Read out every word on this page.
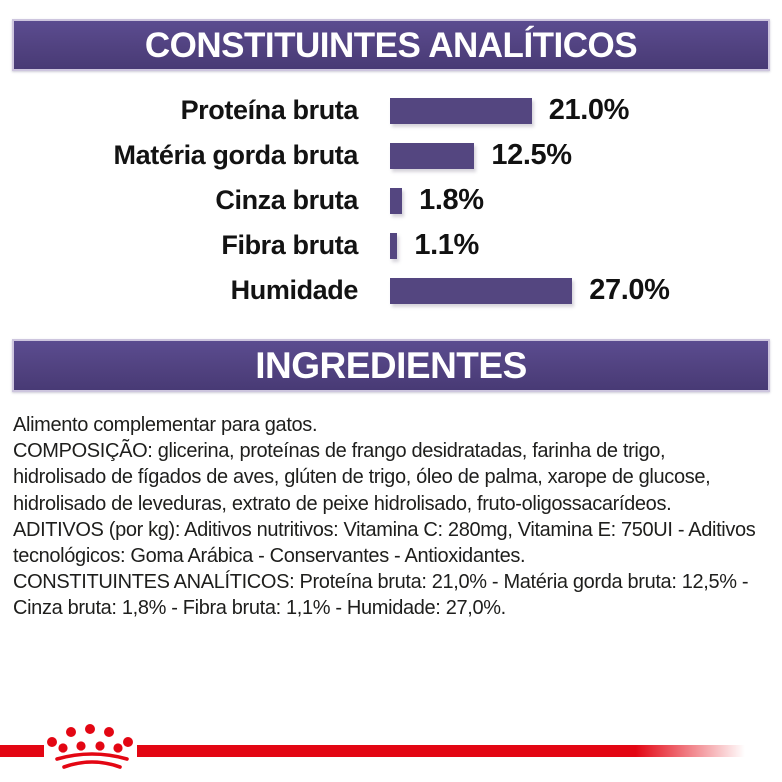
CONSTITUINTES ANALÍTICOS
Proteína bruta	21.0%
Matéria gorda bruta	12.5%
Cinza bruta 1.8%
Fibra bruta 1.1%
Humidade	27.0%
INGREDIENTES
Alimento complementar para gatos.
COMPOSIÇÃO: glicerina, proteínas de frango desidratadas, farinha de trigo,
hidrolisado de fígados de aves, glúten de trigo, óleo de palma, xarope de glucose,
hidrolisado de leveduras, extrato de peixe hidrolisado, fruto-oligossacarídeos.
ADITIVOS (por kg): Aditivos nutritivos: Vitamina C: 280mg, Vitamina E: 750UI - Aditivos
tecnológicos: Goma Arábica - Conservantes - Antioxidantes.
CONSTITUINTES ANALÍTICOS: Proteína bruta: 21,0% - Matéria gorda bruta: 12,5% -
Cinza bruta: 1,8% - Fibra bruta: 1,1% - Humidade: 27,0%.
